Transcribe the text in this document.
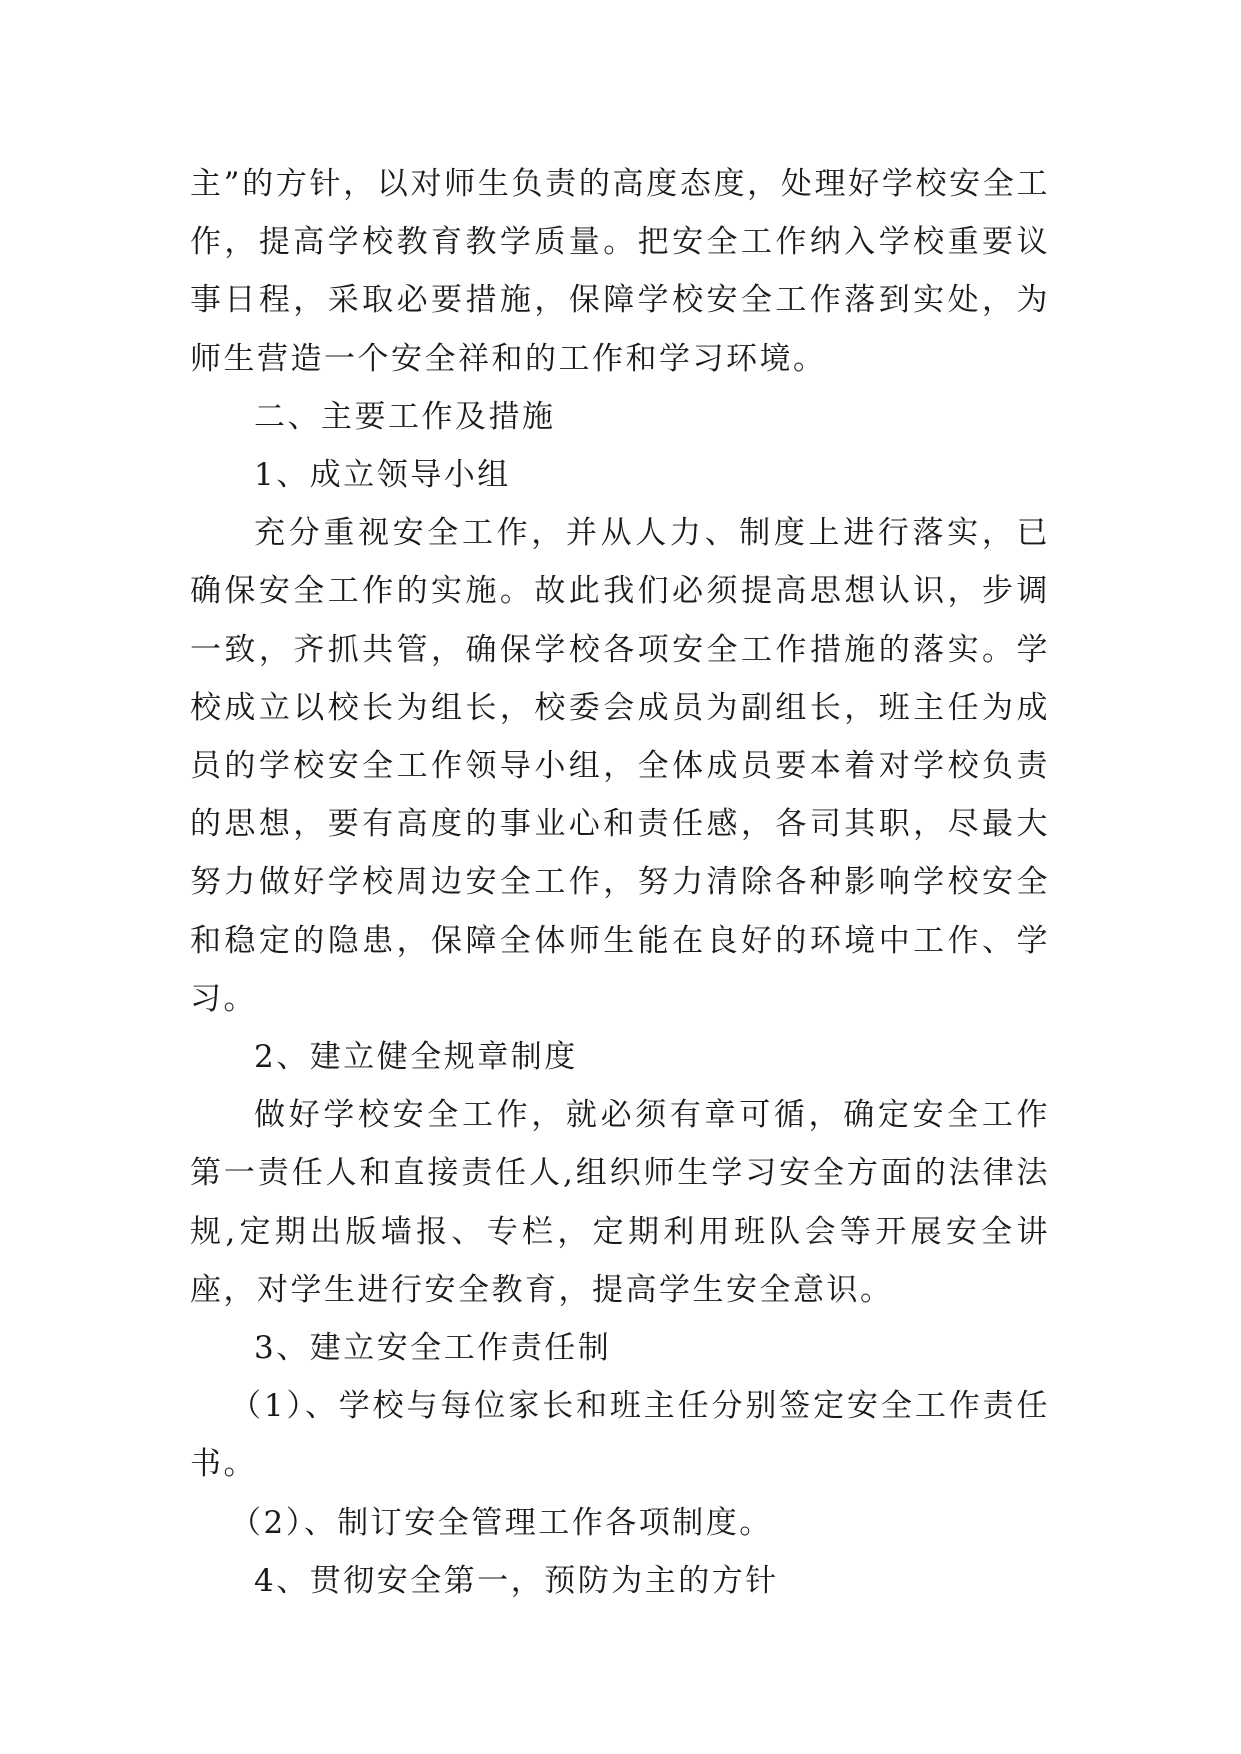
主”的方针，以对师生负责的高度态度，处理好学校安全工作，提高学校教育教学质量。把安全工作纳入学校重要议事日程，采取必要措施，保障学校安全工作落到实处，为师生营造一个安全祥和的工作和学习环境。

二、主要工作及措施

1、成立领导小组

充分重视安全工作，并从人力、制度上进行落实，已确保安全工作的实施。故此我们必须提高思想认识，步调一致，齐抓共管，确保学校各项安全工作措施的落实。学校成立以校长为组长，校委会成员为副组长，班主任为成员的学校安全工作领导小组，全体成员要本着对学校负责的思想，要有高度的事业心和责任感，各司其职，尽最大努力做好学校周边安全工作，努力清除各种影响学校安全和稳定的隐患，保障全体师生能在良好的环境中工作、学习。

2、建立健全规章制度

做好学校安全工作，就必须有章可循，确定安全工作第一责任人和直接责任人,组织师生学习安全方面的法律法规,定期出版墙报、专栏，定期利用班队会等开展安全讲座，对学生进行安全教育，提高学生安全意识。

3、建立安全工作责任制

（1）、学校与每位家长和班主任分别签定安全工作责任书。

（2）、制订安全管理工作各项制度。

4、贯彻安全第一，预防为主的方针
